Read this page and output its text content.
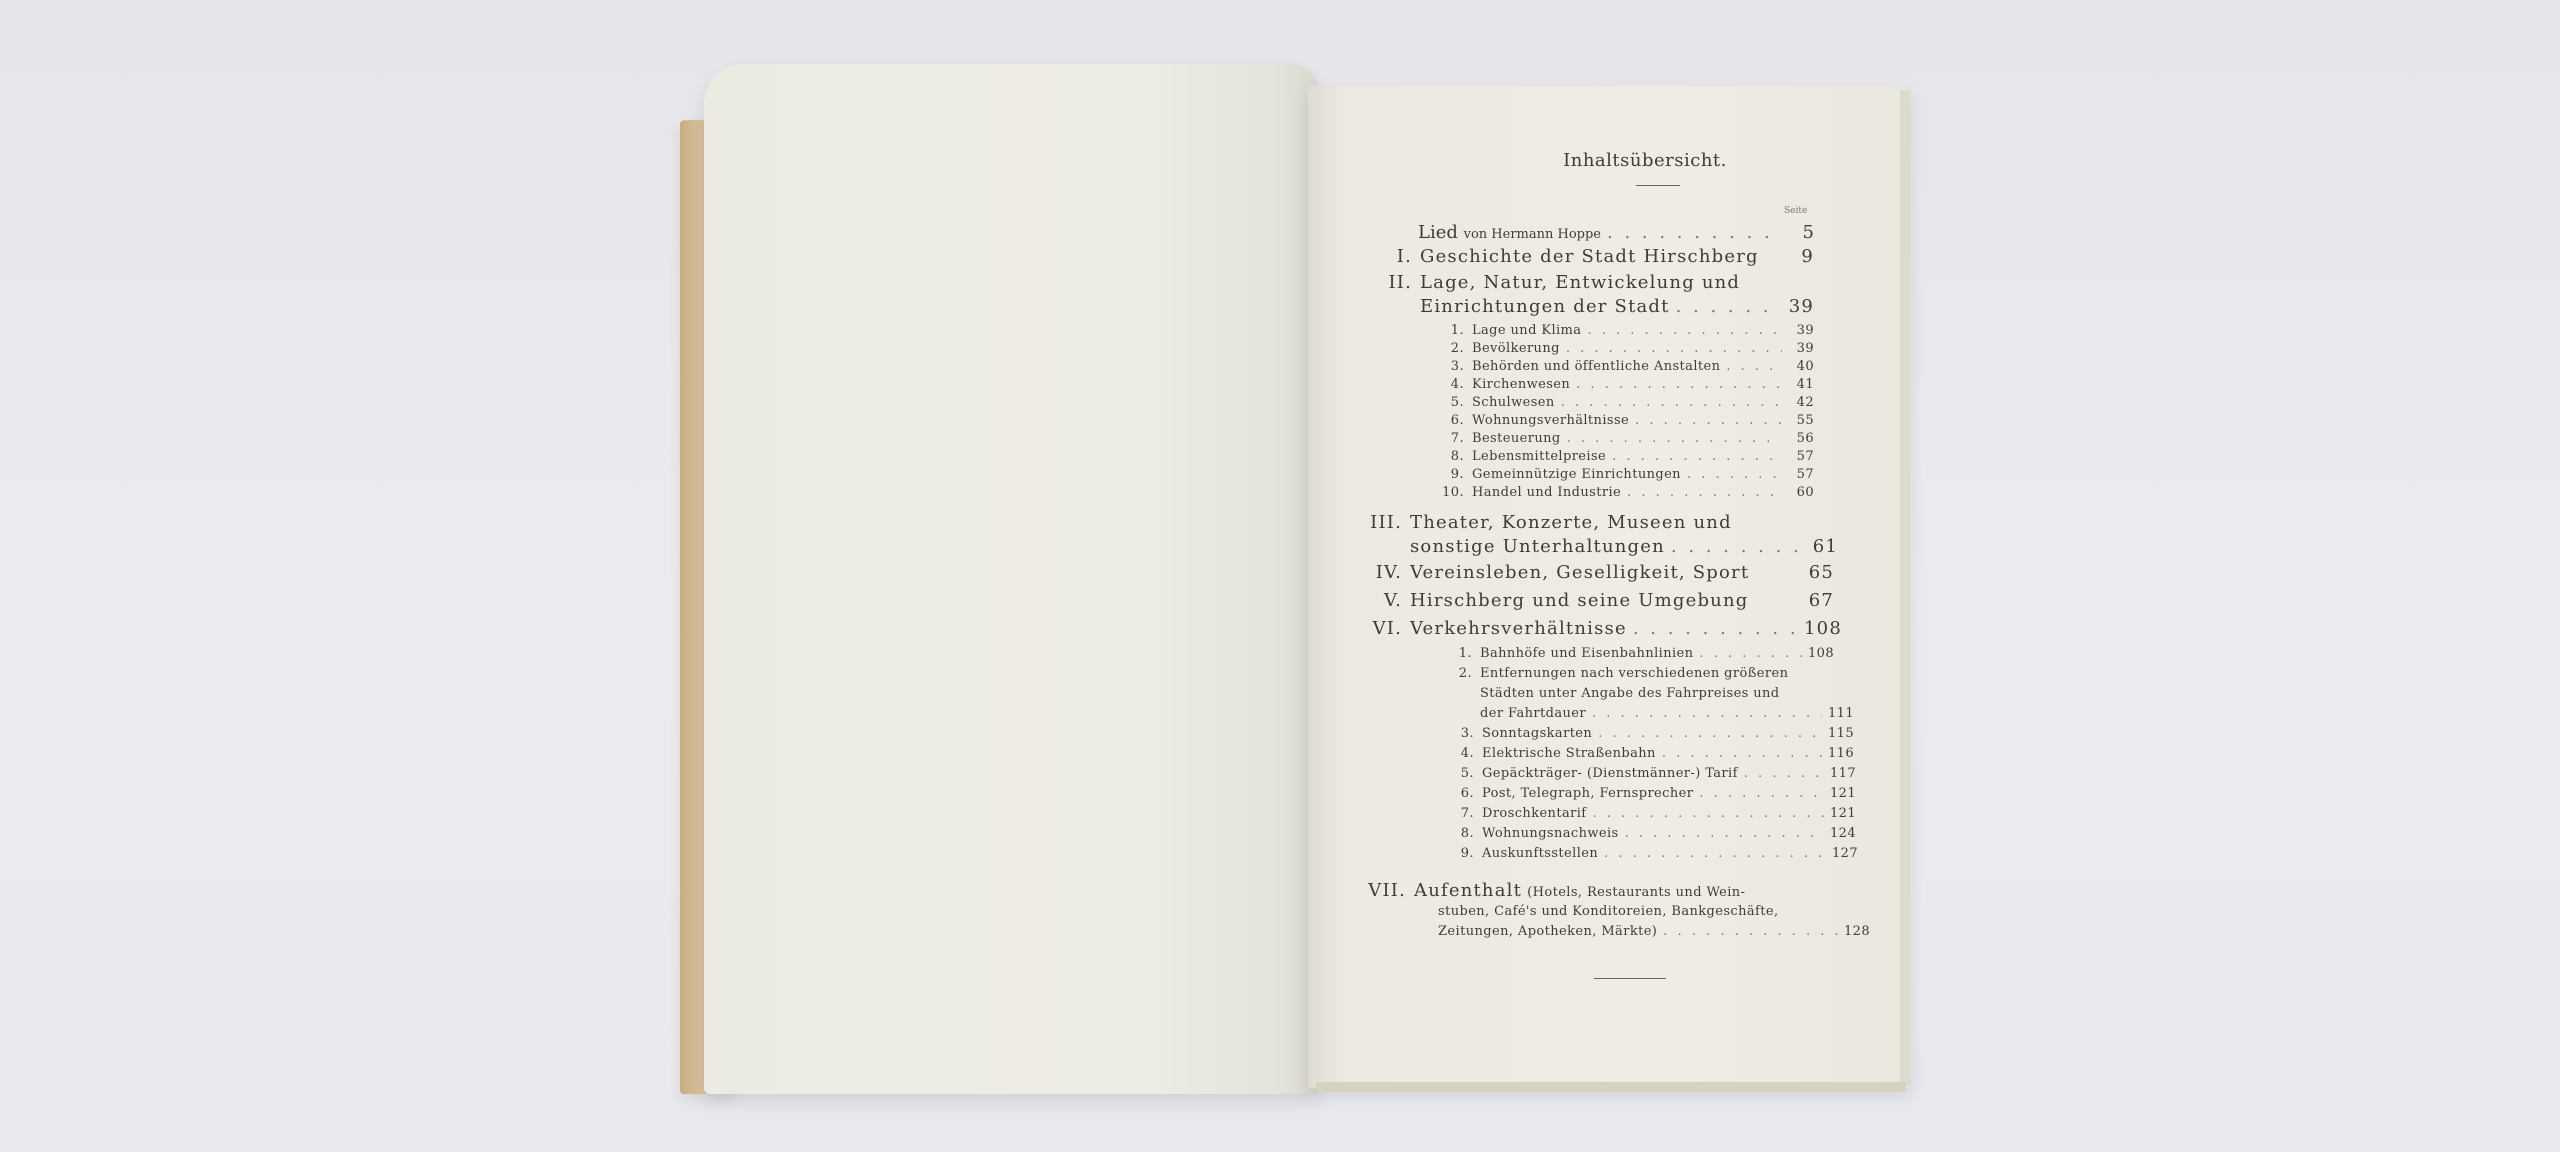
Inhaltsübersicht.
Seite
Lied
von Hermann Hoppe . . .	5
I. Geschichte der Stadt Hirschberg	9
II. Lage, Natur, Entwickelung und
Einrichtungen der Stadt . . .	39
1. Lage und Klima . . .	39
2. Bevölkerung . . .	39
3. Behörden und öffentliche Anstalten . . .	40
4. Kirchenwesen . . .	41
5. Schulwesen . . .	42
6. Wohnungsverhältnisse . . .	55
7. Besteuerung . . .	56
8. Lebensmittelpreise . . .	57
9. Gemeinnützige Einrichtungen . . .	57
10. Handel und Industrie . . .	60
III. Theater, Konzerte, Museen und
sonstige Unterhaltungen . . .	61
IV. Vereinsleben, Geselligkeit, Sport	65
V. Hirschberg und seine Umgebung	67
VI. Verkehrsverhältnisse . . .	108
1. Bahnhöfe und Eisenbahnlinien . . .	108
2. Entfernungen nach verschiedenen größeren
Städten unter Angabe des Fahrpreises und
der Fahrtdauer . . .	111
3. Sonntagskarten . . .	115
4. Elektrische Straßenbahn . . .	116
5. Gepäckträger- (Dienstmänner-) Tarif . . .	117
6. Post, Telegraph, Fernsprecher . . .	121
7. Droschkentarif . . .	121
8. Wohnungsnachweis . . .	124
9. Auskunftsstellen . . .	127
VII. Aufenthalt
(Hotels, Restaurants und Wein-
stuben, Café's und Konditoreien, Bankgeschäfte,
Zeitungen, Apotheken, Märkte) . . .	128
